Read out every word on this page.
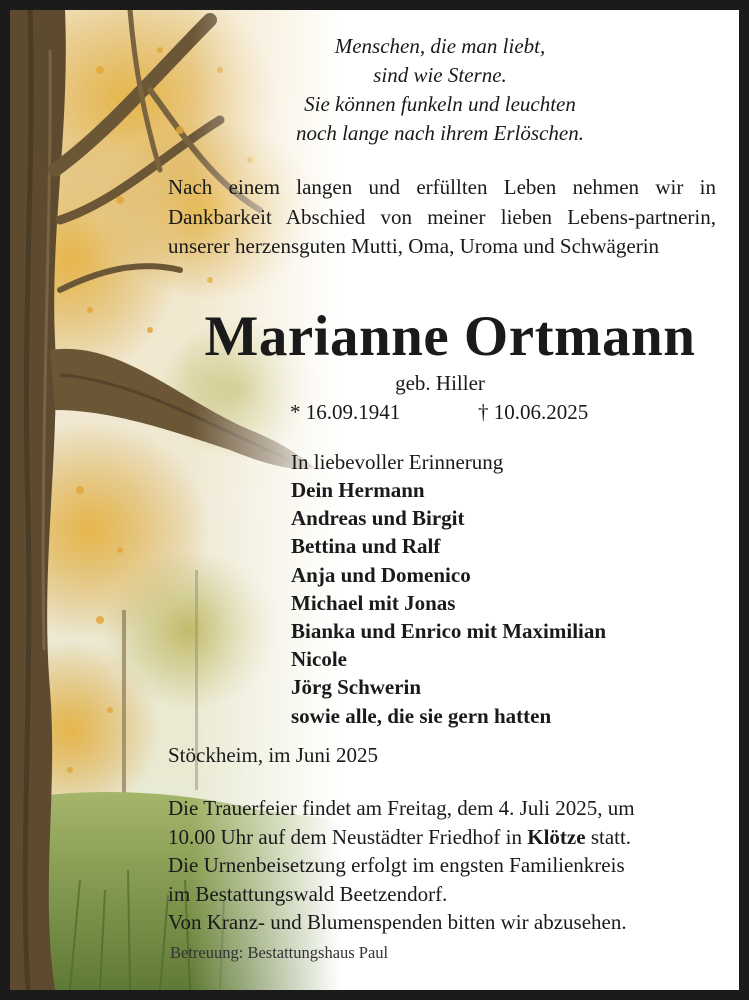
Menschen, die man liebt,
sind wie Sterne.
Sie können funkeln und leuchten
noch lange nach ihrem Erlöschen.
Nach einem langen und erfüllten Leben nehmen wir in Dankbarkeit Abschied von meiner lieben Lebens-partnerin, unserer herzensguten Mutti, Oma, Uroma und Schwägerin
Marianne Ortmann
geb. Hiller
* 16.09.1941	† 10.06.2025
In liebevoller Erinnerung
Dein Hermann
Andreas und Birgit
Bettina und Ralf
Anja und Domenico
Michael mit Jonas
Bianka und Enrico mit Maximilian
Nicole
Jörg Schwerin
sowie alle, die sie gern hatten
Stöckheim, im Juni 2025
Die Trauerfeier findet am Freitag, dem 4. Juli 2025, um
10.00 Uhr auf dem Neustädter Friedhof in Klötze statt.
Die Urnenbeisetzung erfolgt im engsten Familienkreis
im Bestattungswald Beetzendorf.
Von Kranz- und Blumenspenden bitten wir abzusehen.
Betreuung: Bestattungshaus Paul
